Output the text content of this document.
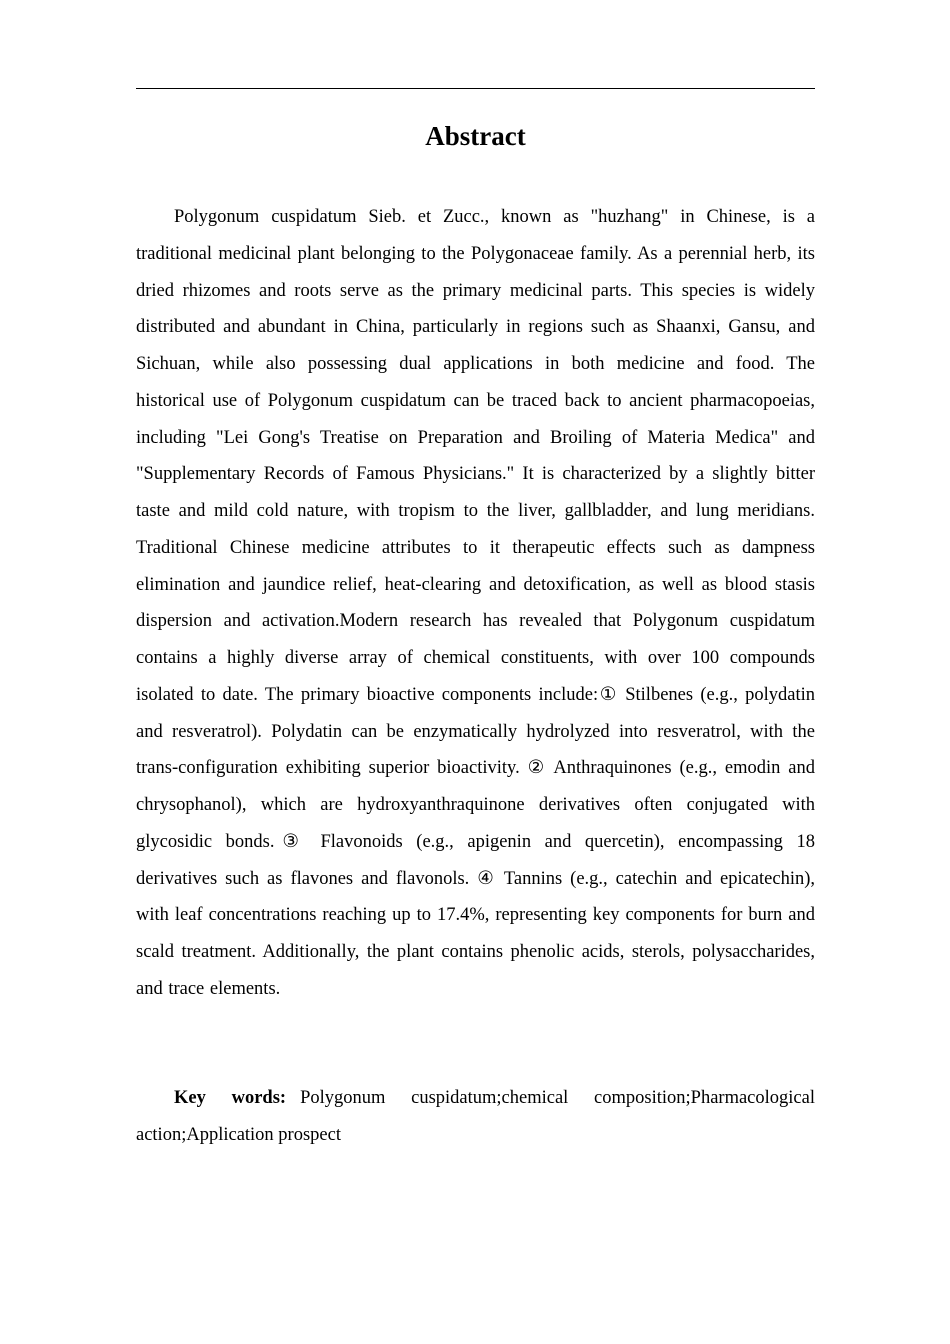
Abstract

Polygonum cuspidatum Sieb. et Zucc., known as "huzhang" in Chinese, is a traditional medicinal plant belonging to the Polygonaceae family. As a perennial herb, its dried rhizomes and roots serve as the primary medicinal parts. This species is widely distributed and abundant in China, particularly in regions such as Shaanxi, Gansu, and Sichuan, while also possessing dual applications in both medicine and food. The historical use of Polygonum cuspidatum can be traced back to ancient pharmacopoeias, including "Lei Gong's Treatise on Preparation and Broiling of Materia Medica" and "Supplementary Records of Famous Physicians." It is characterized by a slightly bitter taste and mild cold nature, with tropism to the liver, gallbladder, and lung meridians. Traditional Chinese medicine attributes to it therapeutic effects such as dampness elimination and jaundice relief, heat-clearing and detoxification, as well as blood stasis dispersion and activation.Modern research has revealed that Polygonum cuspidatum contains a highly diverse array of chemical constituents, with over 100 compounds isolated to date. The primary bioactive components include:① Stilbenes (e.g., polydatin and resveratrol). Polydatin can be enzymatically hydrolyzed into resveratrol, with the trans-configuration exhibiting superior bioactivity. ② Anthraquinones (e.g., emodin and chrysophanol), which are hydroxyanthraquinone derivatives often conjugated with glycosidic bonds.③ Flavonoids (e.g., apigenin and quercetin), encompassing 18 derivatives such as flavones and flavonols. ④ Tannins (e.g., catechin and epicatechin), with leaf concentrations reaching up to 17.4%, representing key components for burn and scald treatment. Additionally, the plant contains phenolic acids, sterols, polysaccharides, and trace elements.

Key words: Polygonum cuspidatum;chemical composition;Pharmacological action;Application prospect
